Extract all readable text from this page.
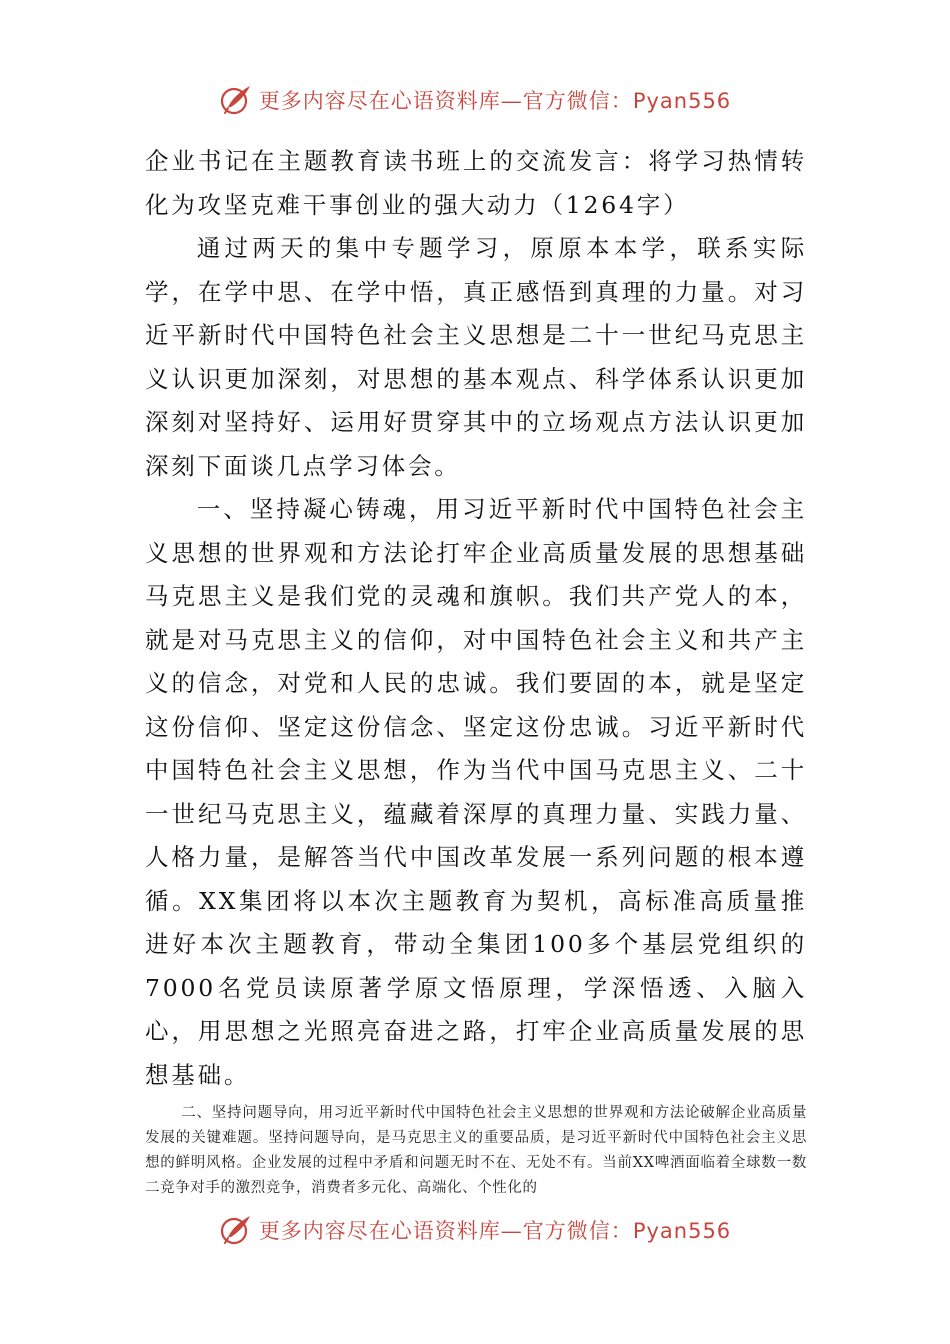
更多内容尽在心语资料库—官方微信：Pyan556

企业书记在主题教育读书班上的交流发言：将学习热情转化为攻坚克难干事创业的强大动力（1264字）

通过两天的集中专题学习，原原本本学，联系实际学，在学中思、在学中悟，真正感悟到真理的力量。对习近平新时代中国特色社会主义思想是二十一世纪马克思主义认识更加深刻，对思想的基本观点、科学体系认识更加深刻对坚持好、运用好贯穿其中的立场观点方法认识更加深刻下面谈几点学习体会。

一、坚持凝心铸魂，用习近平新时代中国特色社会主义思想的世界观和方法论打牢企业高质量发展的思想基础马克思主义是我们党的灵魂和旗帜。我们共产党人的本，就是对马克思主义的信仰，对中国特色社会主义和共产主义的信念，对党和人民的忠诚。我们要固的本，就是坚定这份信仰、坚定这份信念、坚定这份忠诚。习近平新时代中国特色社会主义思想，作为当代中国马克思主义、二十一世纪马克思主义，蕴藏着深厚的真理力量、实践力量、人格力量，是解答当代中国改革发展一系列问题的根本遵循。XX集团将以本次主题教育为契机，高标准高质量推进好本次主题教育，带动全集团100多个基层党组织的7000名党员读原著学原文悟原理，学深悟透、入脑入心，用思想之光照亮奋进之路，打牢企业高质量发展的思想基础。

二、坚持问题导向，用习近平新时代中国特色社会主义思想的世界观和方法论破解企业高质量发展的关键难题。坚持问题导向，是马克思主义的重要品质，是习近平新时代中国特色社会主义思想的鲜明风格。企业发展的过程中矛盾和问题无时不在、无处不有。当前XX啤酒面临着全球数一数二竞争对手的激烈竞争，消费者多元化、高端化、个性化的

更多内容尽在心语资料库—官方微信：Pyan556
